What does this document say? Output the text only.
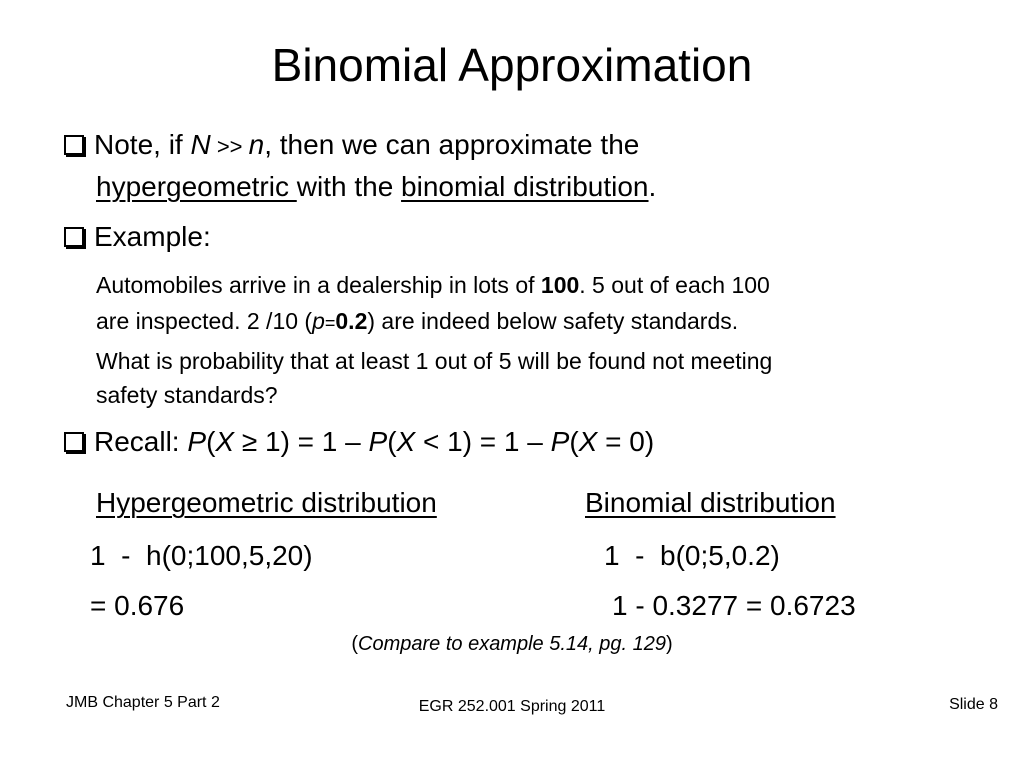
Binomial Approximation
Note, if N >> n, then we can approximate the
hypergeometric with the binomial distribution.
Example:
Automobiles arrive in a dealership in lots of 100. 5 out of each 100
are inspected. 2 /10 (p=0.2) are indeed below safety standards.
What is probability that at least 1 out of 5 will be found not meeting
safety standards?
Recall: P(X ≥ 1) = 1 – P(X < 1) = 1 – P(X = 0)
Hypergeometric distribution	Binomial distribution
1  -  h(0;100,5,20)	1  -  b(0;5,0.2)
= 0.676	1 - 0.3277 = 0.6723
(Compare to example 5.14, pg. 129)
JMB Chapter 5 Part 2	EGR 252.001 Spring 2011	Slide 8
